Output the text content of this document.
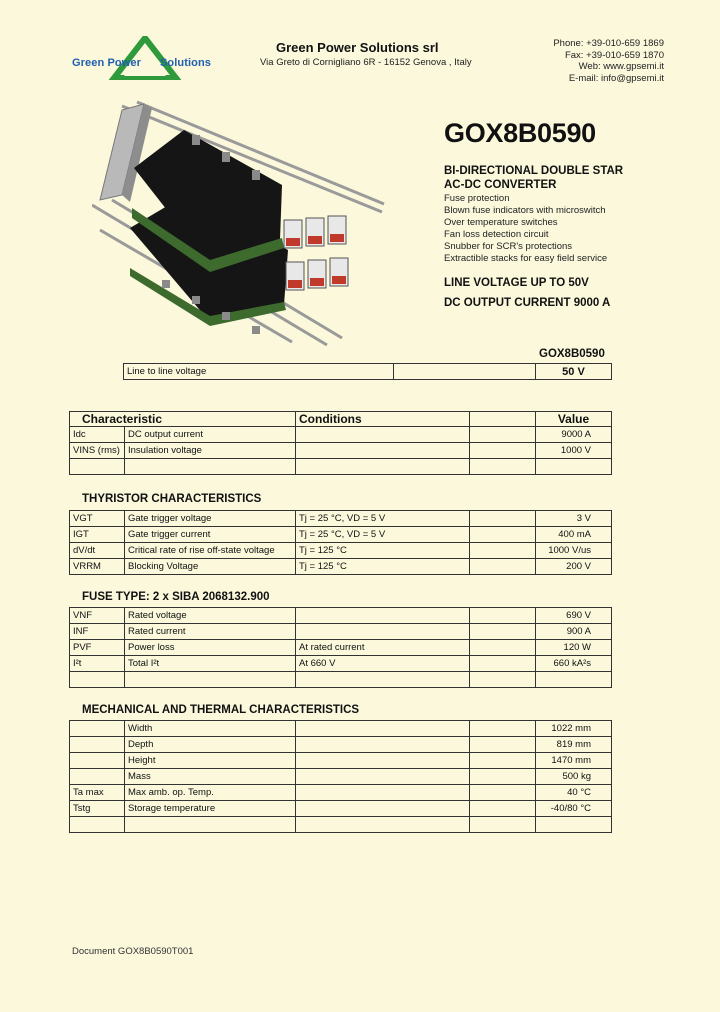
Green Power Solutions
Green Power Solutions srl
Via Greto di Cornigliano 6R - 16152 Genova , Italy
Phone: +39-010-659 1869
Fax: +39-010-659 1870
Web: www.gpsemi.it
E-mail: info@gpsemi.it
GOX8B0590
BI-DIRECTIONAL DOUBLE STAR
AC-DC CONVERTER
Fuse protection
Blown fuse indicators with microswitch
Over temperature switches
Fan loss detection circuit
Snubber for SCR's protections
Extractible stacks for easy field service
LINE VOLTAGE UP TO 50V
DC OUTPUT CURRENT 9000 A
GOX8B0590
Line to line voltage		50 V
Characteristic		Conditions		Value
Idc	DC output current			9000 A
VINS (rms)	Insulation voltage			1000 V

THYRISTOR CHARACTERISTICS
VGT	Gate trigger voltage	Tj = 25 °C, VD = 5 V		3 V
IGT	Gate trigger current	Tj = 25 °C, VD = 5 V		400 mA
dV/dt	Critical rate of rise off-state voltage	Tj = 125 °C		1000 V/us
VRRM	Blocking Voltage	Tj = 125 °C		200 V
FUSE TYPE: 2 x SIBA 2068132.900
VNF	Rated voltage			690 V
INF	Rated current			900 A
PVF	Power loss	At rated current		120 W
I²t	Total I²t	At 660 V		660 kA²s

MECHANICAL AND THERMAL CHARACTERISTICS
	Width			1022 mm
	Depth			819 mm
	Height			1470 mm
	Mass			500 kg
Ta max	Max amb. op. Temp.			40 °C
Tstg	Storage temperature			-40/80 °C

Document GOX8B0590T001
